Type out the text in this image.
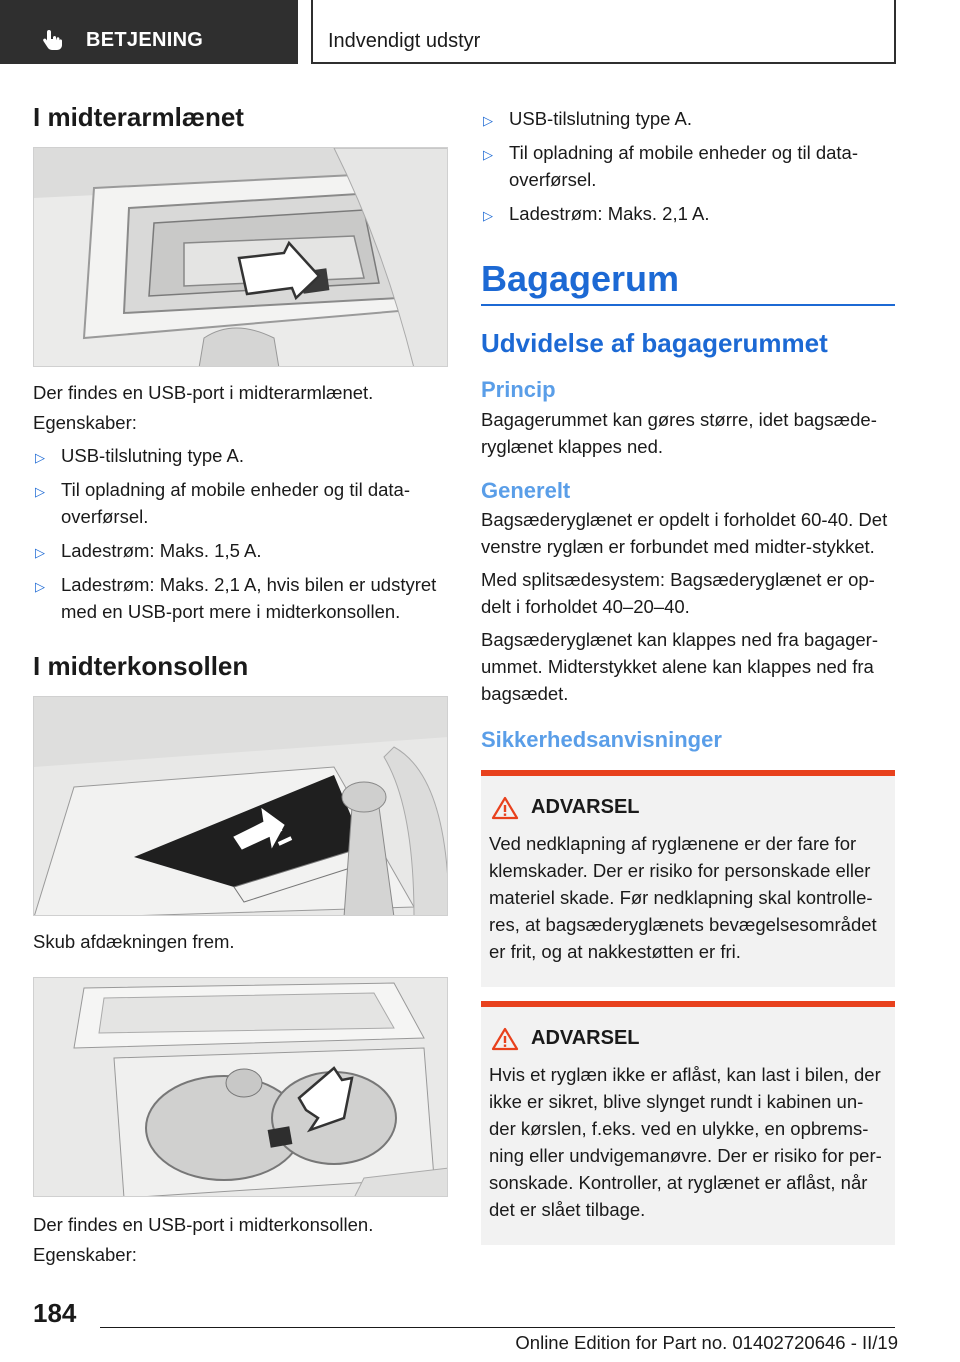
BETJENING	Indvendigt udstyr
I midterarmlænet

Der findes en USB-port i midterarmlænet.

Egenskaber:

▷ USB-tilslutning type A.
▷ Til opladning af mobile enheder og til data-overførsel.
▷ Ladestrøm: Maks. 1,5 A.
▷ Ladestrøm: Maks. 2,1 A, hvis bilen er udstyret med en USB-port mere i midterkonsollen.
I midterkonsollen

Skub afdækningen frem.

Der findes en USB-port i midterkonsollen.

Egenskaber:

▷ USB-tilslutning type A.
▷ Til opladning af mobile enheder og til data-overførsel.
▷ Ladestrøm: Maks. 2,1 A.
Bagagerum
Udvidelse af bagagerummet
Princip

Bagagerummet kan gøres større, idet bagsæde-ryglænet klappes ned.

Generelt

Bagsæderyglænet er opdelt i forholdet 60-40. Det venstre ryglæn er forbundet med midter-stykket.

Med splitsædesystem: Bagsæderyglænet er op-delt i forholdet 40–20–40.

Bagsæderyglænet kan klappes ned fra bagager-ummet. Midterstykket alene kan klappes ned fra bagsædet.

Sikkerhedsanvisninger
ADVARSEL

Ved nedklapning af ryglænene er der fare for klemskader. Der er risiko for personskade eller materiel skade. Før nedklapning skal kontrolle-res, at bagsæderyglænets bevægelsesområdet er frit, og at nakkestøtten er fri.

ADVARSEL

Hvis et ryglæn ikke er aflåst, kan last i bilen, der ikke er sikret, blive slynget rundt i kabinen un-der kørslen, f.eks. ved en ulykke, en opbrems-ning eller undvigemanøvre. Der er risiko for per-sonskade. Kontroller, at ryglænet er aflåst, når det er slået tilbage.

184
Online Edition for Part no. 01402720646 - II/19
